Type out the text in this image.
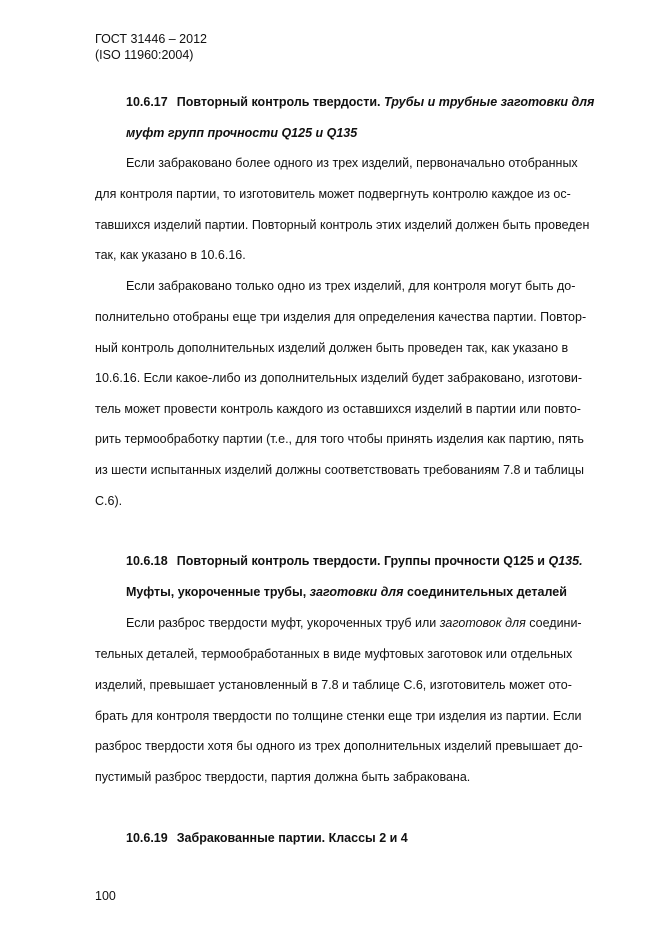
ГОСТ 31446 – 2012
(ISO 11960:2004)
10.6.17 Повторный контроль твердости. Трубы и трубные заготовки для
муфт групп прочности Q125 и Q135
Если забраковано более одного из трех изделий, первоначально отобранных
для контроля партии, то изготовитель может подвергнуть контролю каждое из ос-
тавшихся изделий партии. Повторный контроль этих изделий должен быть проведен
так, как указано в 10.6.16.
Если забраковано только одно из трех изделий, для контроля могут быть до-
полнительно отобраны еще три изделия для определения качества партии. Повтор-
ный контроль дополнительных изделий должен быть проведен так, как указано в
10.6.16. Если какое-либо из дополнительных изделий будет забраковано, изготови-
тель может провести контроль каждого из оставшихся изделий в партии или повто-
рить термообработку партии (т.е., для того чтобы принять изделия как партию, пять
из шести испытанных изделий должны соответствовать требованиям 7.8 и таблицы
С.6).
10.6.18 Повторный контроль твердости. Группы прочности Q125 и Q135.
Муфты, укороченные трубы, заготовки для соединительных деталей
Если разброс твердости муфт, укороченных труб или заготовок для соедини-
тельных деталей, термообработанных в виде муфтовых заготовок или отдельных
изделий, превышает установленный в 7.8 и таблице С.6, изготовитель может ото-
брать для контроля твердости по толщине стенки еще три изделия из партии. Если
разброс твердости хотя бы одного из трех дополнительных изделий превышает до-
пустимый разброс твердости, партия должна быть забракована.
10.6.19 Забракованные партии. Классы 2 и 4
100
